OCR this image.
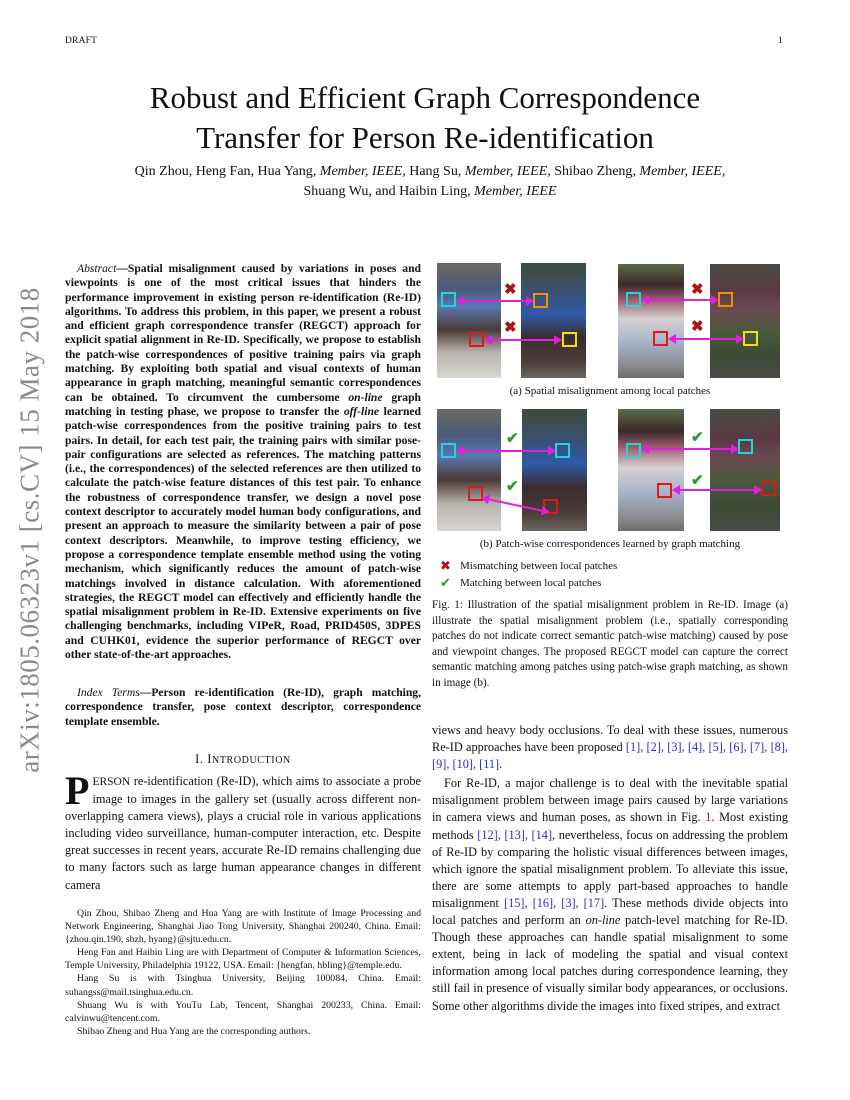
DRAFT	1
arXiv:1805.06323v1 [cs.CV] 15 May 2018
Robust and Efficient Graph Correspondence
Transfer for Person Re-identification
Qin Zhou, Heng Fan, Hua Yang, Member, IEEE, Hang Su, Member, IEEE, Shibao Zheng, Member, IEEE,
Shuang Wu, and Haibin Ling, Member, IEEE
Abstract—Spatial misalignment caused by variations in poses and viewpoints is one of the most critical issues that hinders the performance improvement in existing person re-identification (Re-ID) algorithms. To address this problem, in this paper, we present a robust and efficient graph correspondence transfer (REGCT) approach for explicit spatial alignment in Re-ID. Specifically, we propose to establish the patch-wise correspondences of positive training pairs via graph matching. By exploiting both spatial and visual contexts of human appearance in graph matching, meaningful semantic correspondences can be obtained. To circumvent the cumbersome on-line graph matching in testing phase, we propose to transfer the off-line learned patch-wise correspondences from the positive training pairs to test pairs. In detail, for each test pair, the training pairs with similar pose-pair configurations are selected as references. The matching patterns (i.e., the correspondences) of the selected references are then utilized to calculate the patch-wise feature distances of this test pair. To enhance the robustness of correspondence transfer, we design a novel pose context descriptor to accurately model human body configurations, and present an approach to measure the similarity between a pair of pose context descriptors. Meanwhile, to improve testing efficiency, we propose a correspondence template ensemble method using the voting mechanism, which significantly reduces the amount of patch-wise matchings involved in distance calculation. With aforementioned strategies, the REGCT model can effectively and efficiently handle the spatial misalignment problem in Re-ID. Extensive experiments on five challenging benchmarks, including VIPeR, Road, PRID450S, 3DPES and CUHK01, evidence the superior performance of REGCT over other state-of-the-art approaches.
Index Terms—Person re-identification (Re-ID), graph matching, correspondence transfer, pose context descriptor, correspondence template ensemble.
I. INTRODUCTION
PERSON re-identification (Re-ID), which aims to associate a probe image to images in the gallery set (usually across different non-overlapping camera views), plays a crucial role in various applications including video surveillance, human-computer interaction, etc. Despite great successes in recent years, accurate Re-ID remains challenging due to many factors such as large human appearance changes in different camera

Qin Zhou, Shibao Zheng and Hua Yang are with Institute of Image Processing and Network Engineering, Shanghai Jiao Tong University, Shanghai 200240, China. Email: {zhou.qin.190, sbzh, hyang}@sjtu.edu.cn.

Heng Fan and Haibin Ling are with Department of Computer & Information Sciences, Temple University, Philadelphia 19122, USA. Email: {hengfan, hbling}@temple.edu.

Hang Su is with Tsinghua University, Beijing 100084, China. Email: suhangss@mail.tsinghua.edu.cn.

Shuang Wu is with YouTu Lab, Tencent, Shanghai 200233, China. Email: calvinwu@tencent.com.

Shibao Zheng and Hua Yang are the corresponding authors.

✖
✖
✖
✖
(a) Spatial misalignment among local patches
✔
✔
✔
✔
(b) Patch-wise correspondences learned by graph matching
✖ Mismatching between local patches
✔ Matching between local patches
Fig. 1: Illustration of the spatial misalignment problem in Re-ID. Image (a) illustrate the spatial misalignment problem (i.e., spatially corresponding patches do not indicate correct semantic patch-wise matching) caused by pose and viewpoint changes. The proposed REGCT model can capture the correct semantic matching among patches using patch-wise graph matching, as shown in image (b).

views and heavy body occlusions. To deal with these issues, numerous Re-ID approaches have been proposed [1], [2], [3], [4], [5], [6], [7], [8], [9], [10], [11].

For Re-ID, a major challenge is to deal with the inevitable spatial misalignment problem between image pairs caused by large variations in camera views and human poses, as shown in Fig. 1. Most existing methods [12], [13], [14], nevertheless, focus on addressing the problem of Re-ID by comparing the holistic visual differences between images, which ignore the spatial misalignment problem. To alleviate this issue, there are some attempts to apply part-based approaches to handle misalignment [15], [16], [3], [17]. These methods divide objects into local patches and perform an on-line patch-level matching for Re-ID. Though these approaches can handle spatial misalignment to some extent, being in lack of modeling the spatial and visual context information among local patches during correspondence learning, they still fail in presence of visually similar body appearances, or occlusions. Some other algorithms divide the images into fixed stripes, and extract
